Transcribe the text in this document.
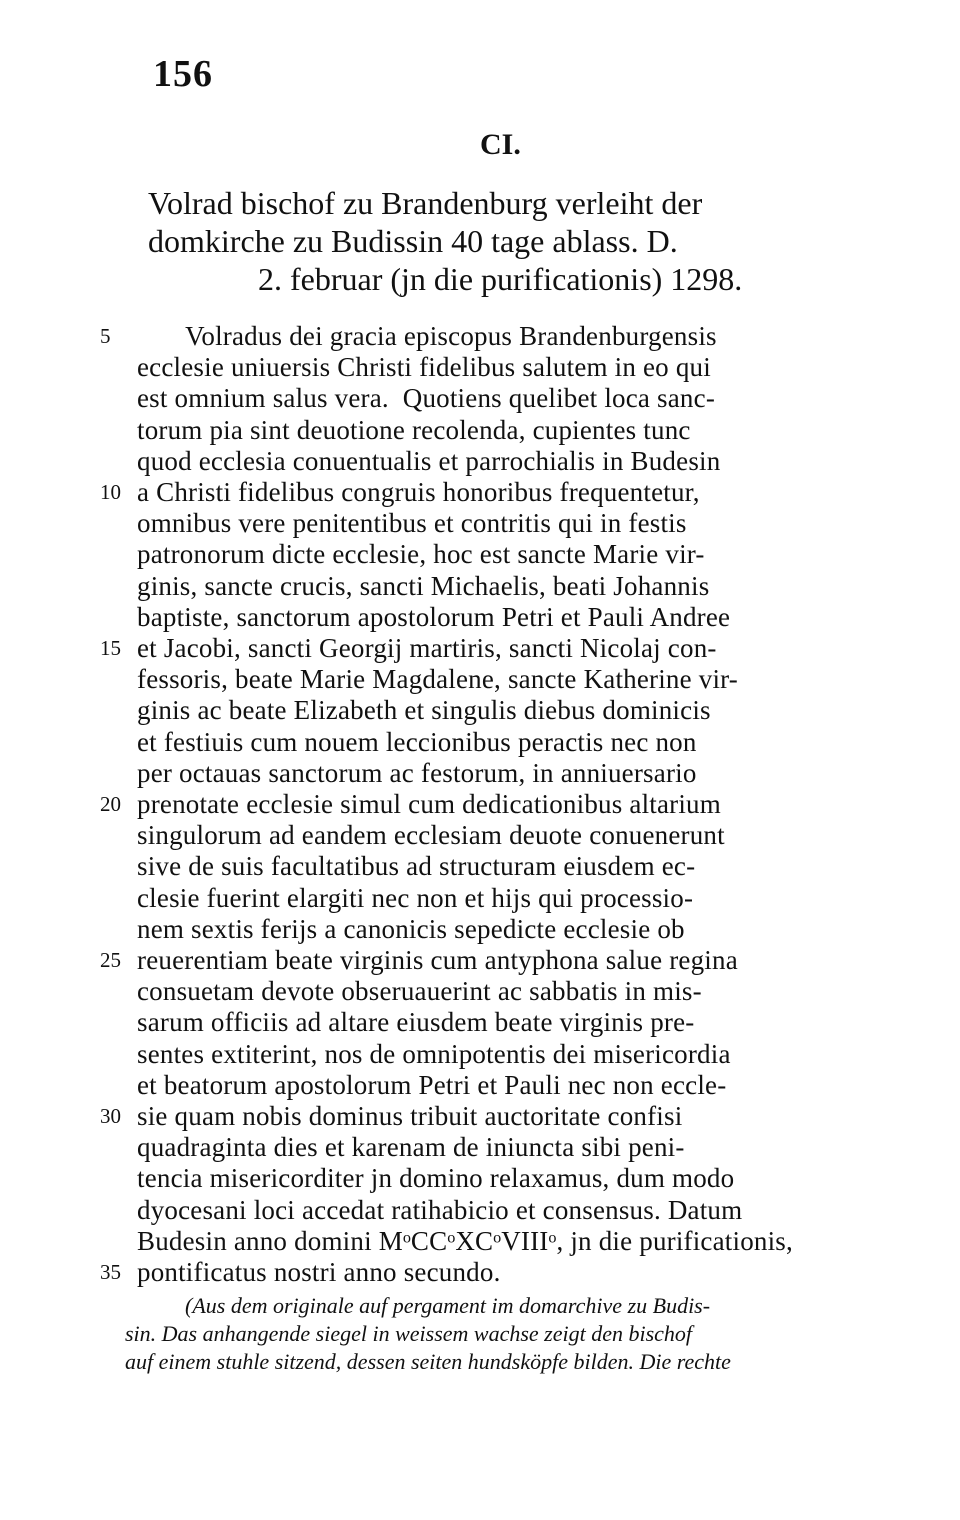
156
CI.
Volrad bischof zu Brandenburg verleiht der
domkirche zu Budissin 40 tage ablass. D.
2. februar (jn die purificationis) 1298.
5 Volradus dei gracia episcopus Brandenburgensis
ecclesie uniuersis Christi fidelibus salutem in eo qui
est omnium salus vera.  Quotiens quelibet loca sanc-
torum pia sint deuotione recolenda, cupientes tunc
quod ecclesia conuentualis et parrochialis in Budesin
10 a Christi fidelibus congruis honoribus frequentetur,
omnibus vere penitentibus et contritis qui in festis
patronorum dicte ecclesie, hoc est sancte Marie vir-
ginis, sancte crucis, sancti Michaelis, beati Johannis
baptiste, sanctorum apostolorum Petri et Pauli Andree
15 et Jacobi, sancti Georgij martiris, sancti Nicolaj con-
fessoris, beate Marie Magdalene, sancte Katherine vir-
ginis ac beate Elizabeth et singulis diebus dominicis
et festiuis cum nouem leccionibus peractis nec non
per octauas sanctorum ac festorum, in anniuersario
20 prenotate ecclesie simul cum dedicationibus altarium
singulorum ad eandem ecclesiam deuote conuenerunt
sive de suis facultatibus ad structuram eiusdem ec-
clesie fuerint elargiti nec non et hijs qui processio-
nem sextis ferijs a canonicis sepedicte ecclesie ob
25 reuerentiam beate virginis cum antyphona salue regina
consuetam devote obseruauerint ac sabbatis in mis-
sarum officiis ad altare eiusdem beate virginis pre-
sentes extiterint, nos de omnipotentis dei misericordia
et beatorum apostolorum Petri et Pauli nec non eccle-
30 sie quam nobis dominus tribuit auctoritate confisi
quadraginta dies et karenam de iniuncta sibi peni-
tencia misericorditer jn domino relaxamus, dum modo
dyocesani loci accedat ratihabicio et consensus. Datum
Budesin anno domini MᵒCCᵒXCᵒVIIIᵒ, jn die purificationis,
35 pontificatus nostri anno secundo.
(Aus dem originale auf pergament im domarchive zu Budis-
sin. Das anhangende siegel in weissem wachse zeigt den bischof
auf einem stuhle sitzend, dessen seiten hundsköpfe bilden. Die rechte
